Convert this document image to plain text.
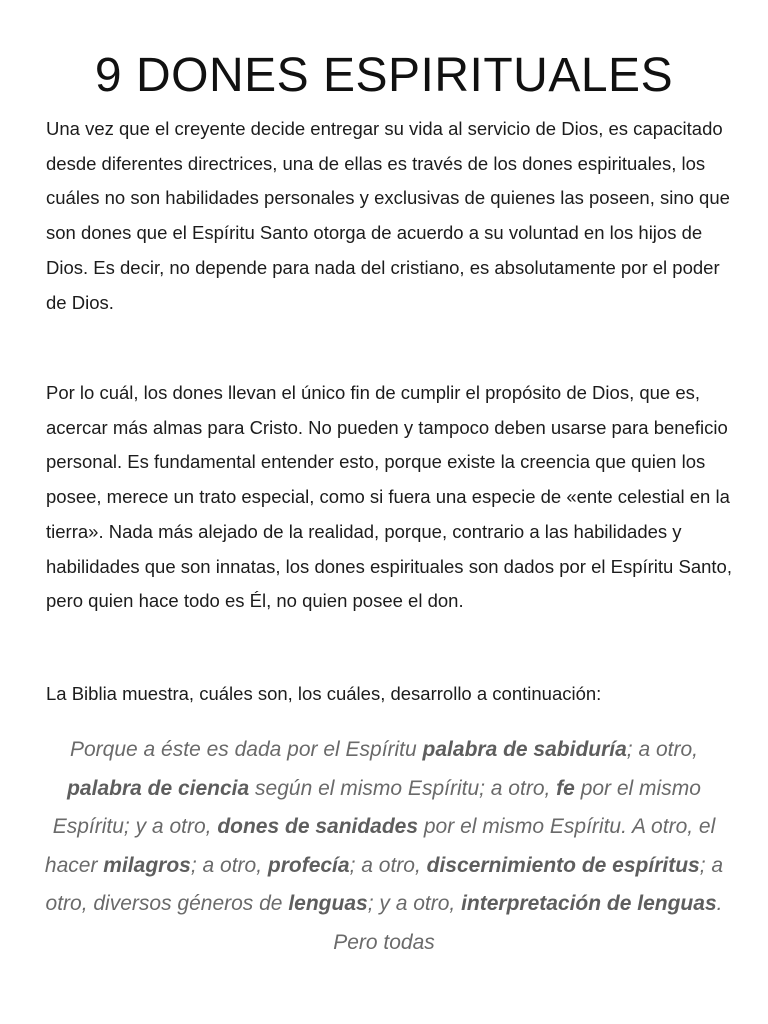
9 DONES ESPIRITUALES

Una vez que el creyente decide entregar su vida al servicio de Dios, es capacitado desde diferentes directrices, una de ellas es través de los dones espirituales, los cuáles no son habilidades personales y exclusivas de quienes las poseen, sino que son dones que el Espíritu Santo otorga de acuerdo a su voluntad en los hijos de Dios. Es decir, no depende para nada del cristiano, es absolutamente por el poder de Dios.

Por lo cuál, los dones llevan el único fin de cumplir el propósito de Dios, que es, acercar más almas para Cristo. No pueden y tampoco deben usarse para beneficio personal. Es fundamental entender esto, porque existe la creencia que quien los posee, merece un trato especial, como si fuera una especie de «ente celestial en la tierra». Nada más alejado de la realidad, porque, contrario a las habilidades y habilidades que son innatas, los dones espirituales son dados por el Espíritu Santo, pero quien hace todo es Él, no quien posee el don.

La Biblia muestra, cuáles son, los cuáles, desarrollo a continuación:

Porque a éste es dada por el Espíritu palabra de sabiduría; a otro, palabra de ciencia según el mismo Espíritu; a otro, fe por el mismo Espíritu; y a otro, dones de sanidades por el mismo Espíritu. A otro, el hacer milagros; a otro, profecía; a otro, discernimiento de espíritus; a otro, diversos géneros de lenguas; y a otro, interpretación de lenguas. Pero todas
